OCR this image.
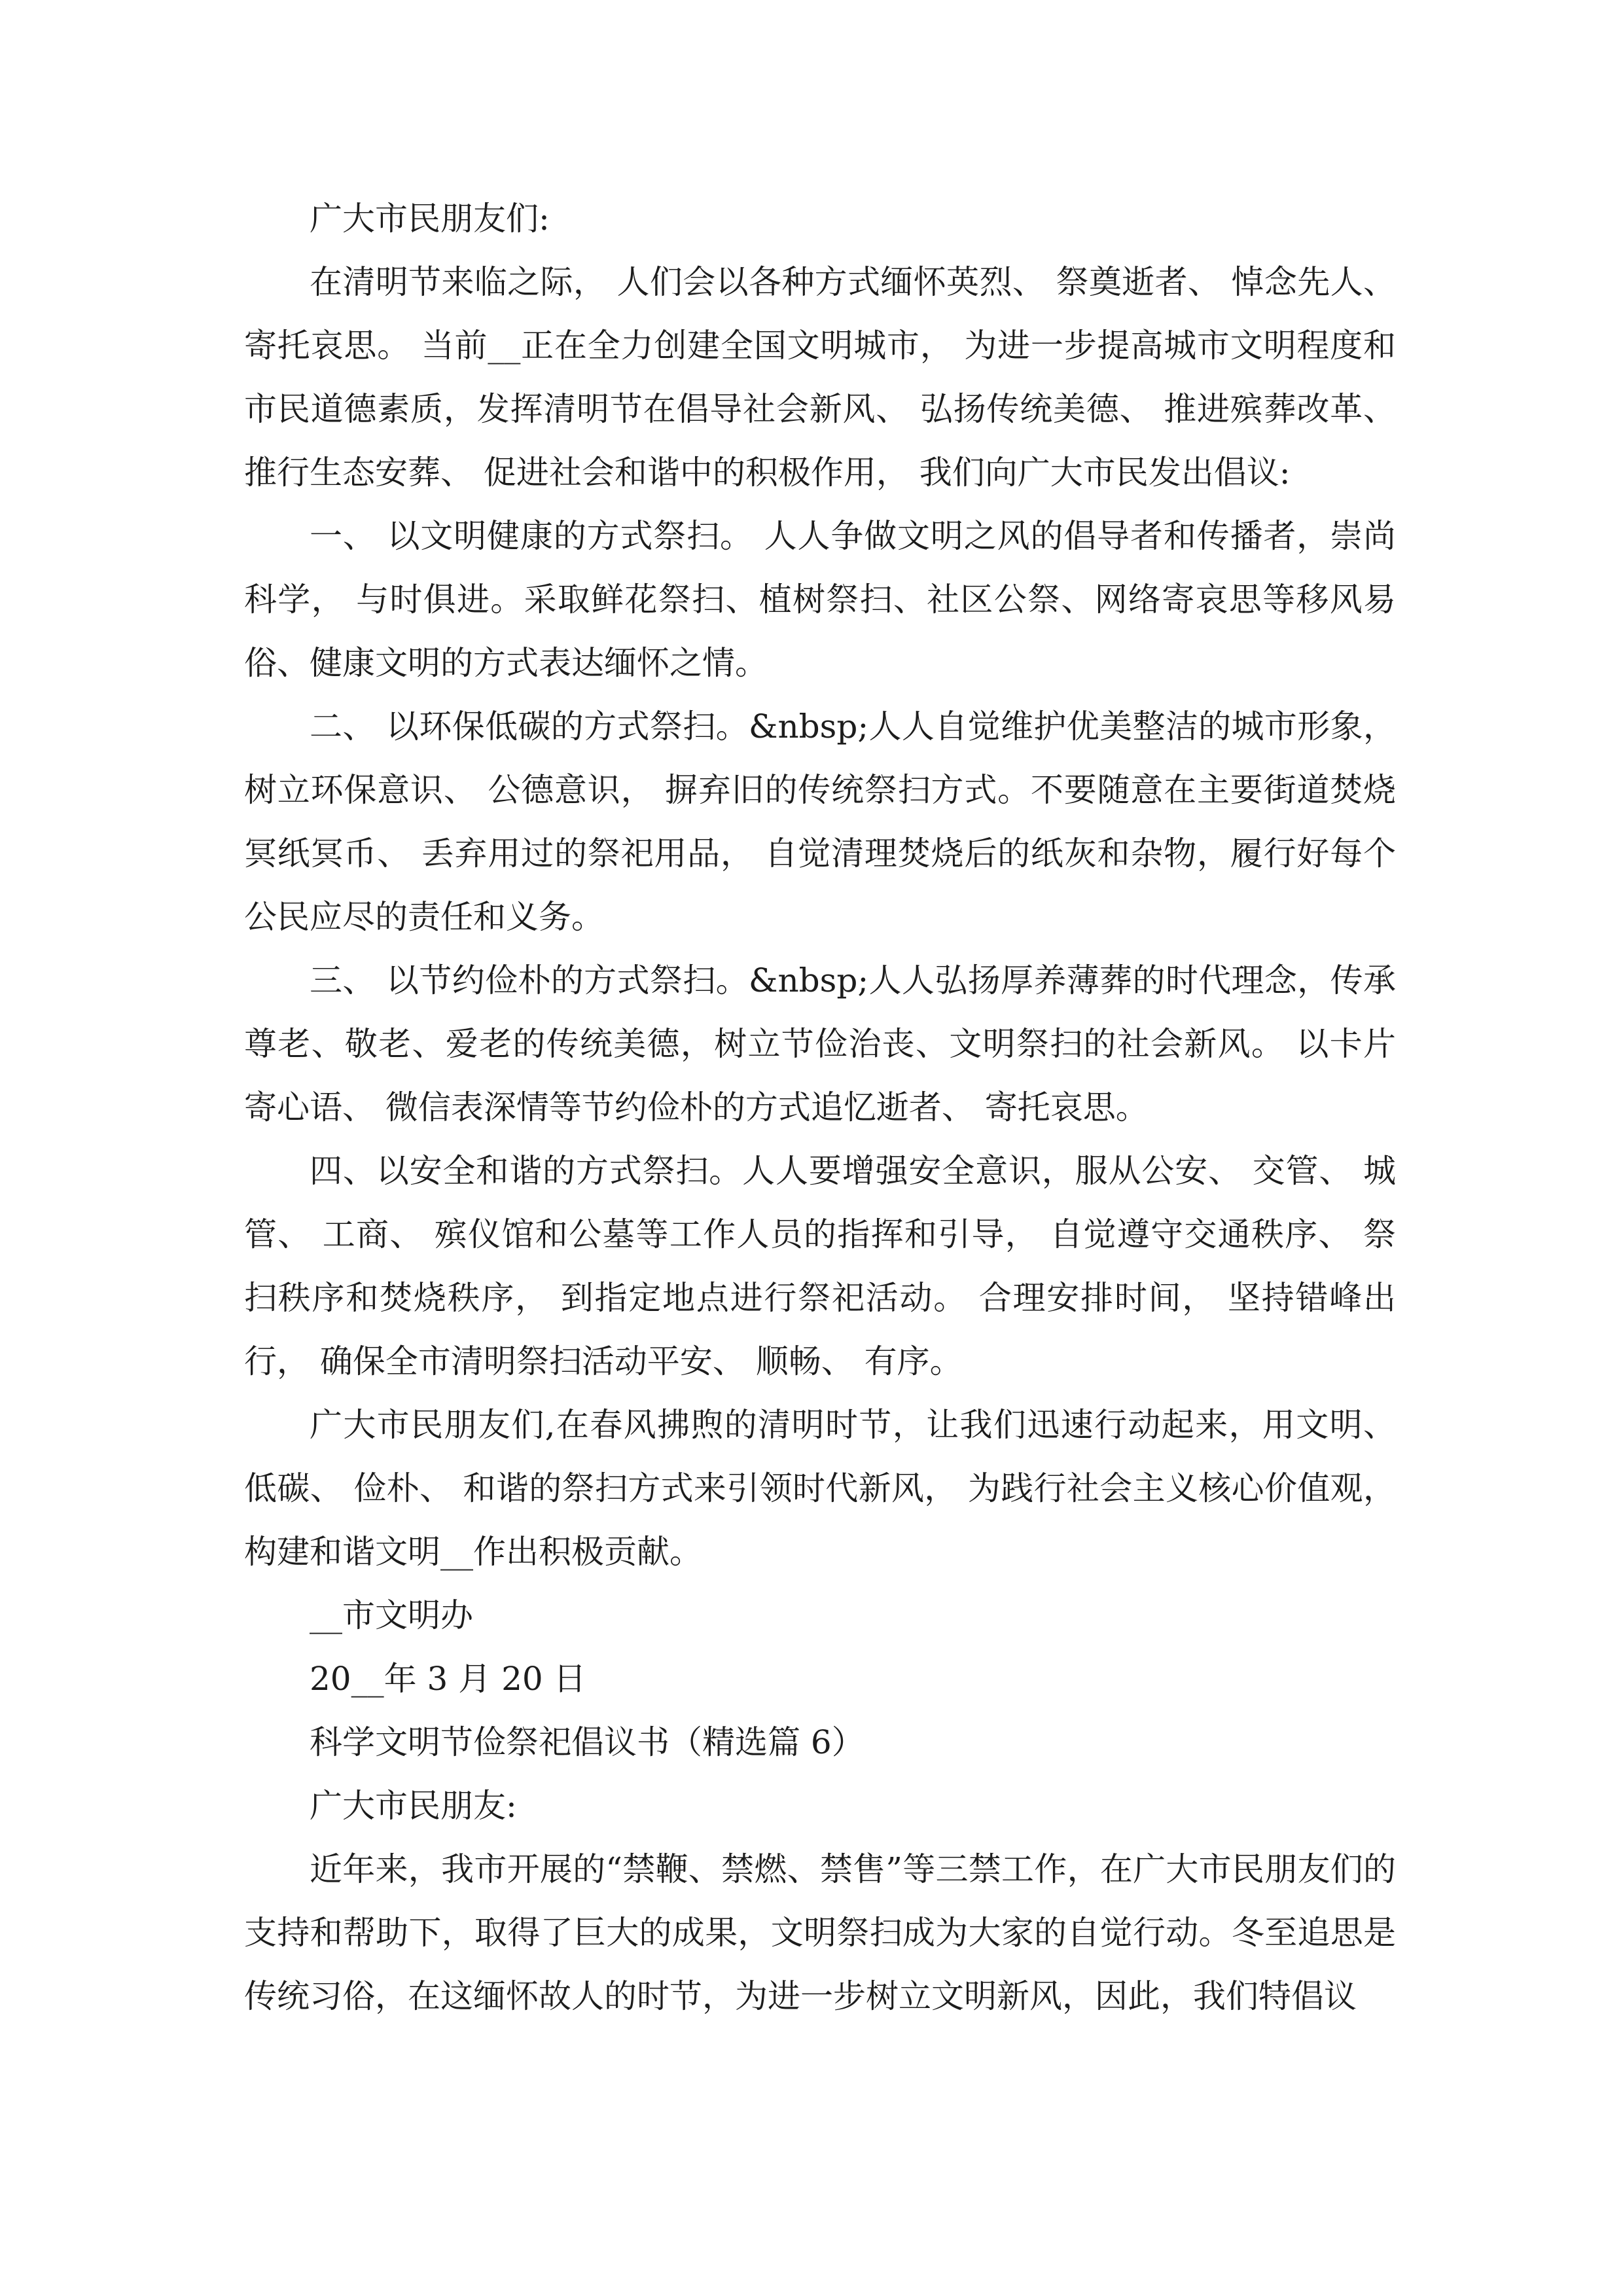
广大市民朋友们:

在清明节来临之际， 人们会以各种方式缅怀英烈、 祭奠逝者、 悼念先人、寄托哀思。 当前__正在全力创建全国文明城市， 为进一步提高城市文明程度和市民道德素质，发挥清明节在倡导社会新风、 弘扬传统美德、 推进殡葬改革、推行生态安葬、 促进社会和谐中的积极作用， 我们向广大市民发出倡议:

一、 以文明健康的方式祭扫。 人人争做文明之风的倡导者和传播者，崇尚科学， 与时俱进。采取鲜花祭扫、植树祭扫、社区公祭、网络寄哀思等移风易俗、健康文明的方式表达缅怀之情。

二、 以环保低碳的方式祭扫。&nbsp;人人自觉维护优美整洁的城市形象，树立环保意识、 公德意识， 摒弃旧的传统祭扫方式。不要随意在主要街道焚烧冥纸冥币、 丢弃用过的祭祀用品， 自觉清理焚烧后的纸灰和杂物，履行好每个公民应尽的责任和义务。

三、 以节约俭朴的方式祭扫。&nbsp;人人弘扬厚养薄葬的时代理念，传承尊老、敬老、爱老的传统美德，树立节俭治丧、文明祭扫的社会新风。 以卡片寄心语、 微信表深情等节约俭朴的方式追忆逝者、 寄托哀思。

四、以安全和谐的方式祭扫。人人要增强安全意识，服从公安、 交管、 城管、 工商、 殡仪馆和公墓等工作人员的指挥和引导， 自觉遵守交通秩序、 祭扫秩序和焚烧秩序， 到指定地点进行祭祀活动。 合理安排时间， 坚持错峰出行， 确保全市清明祭扫活动平安、 顺畅、 有序。

广大市民朋友们,在春风拂煦的清明时节，让我们迅速行动起来，用文明、低碳、 俭朴、 和谐的祭扫方式来引领时代新风， 为践行社会主义核心价值观，构建和谐文明__作出积极贡献。

__市文明办

20__年 3 月 20 日

科学文明节俭祭祀倡议书（精选篇 6）

广大市民朋友:

近年来，我市开展的“禁鞭、禁燃、禁售”等三禁工作，在广大市民朋友们的支持和帮助下，取得了巨大的成果，文明祭扫成为大家的自觉行动。冬至追思是传统习俗，在这缅怀故人的时节，为进一步树立文明新风，因此，我们特倡议
